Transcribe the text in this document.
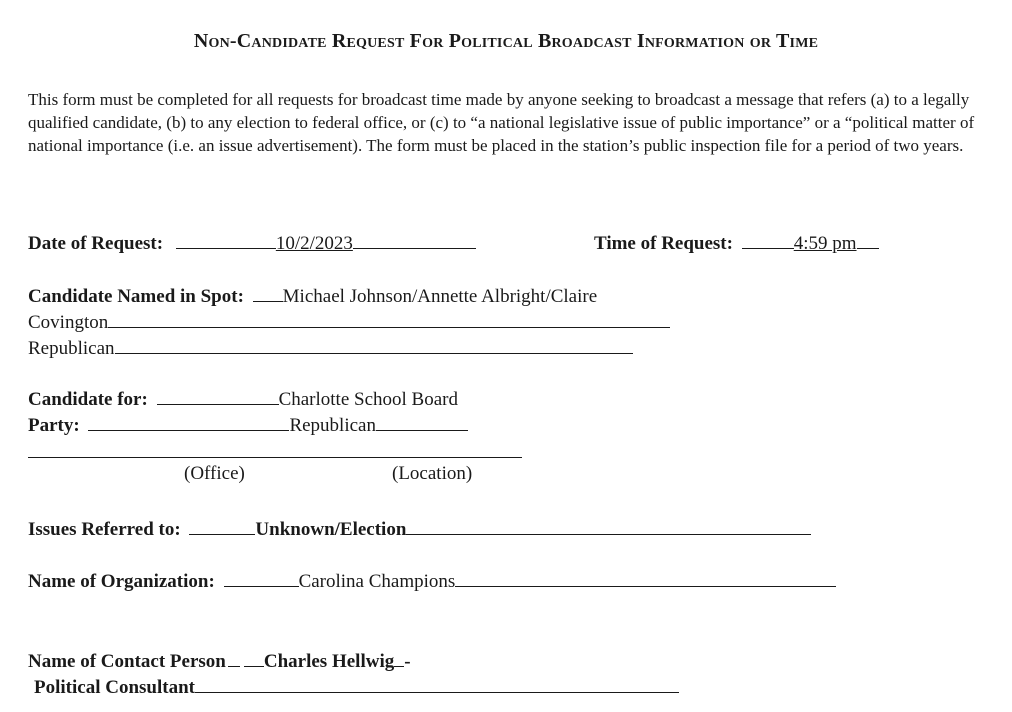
Non-Candidate Request For Political Broadcast Information or Time

This form must be completed for all requests for broadcast time made by anyone seeking to broadcast a message that refers (a) to a legally qualified candidate, (b) to any election to federal office, or (c) to “a national legislative issue of public importance” or a “political matter of national importance (i.e. an issue advertisement). The form must be placed in the station’s public inspection file for a period of two years.

Date of Request:	10/2/2023	Time of Request:	4:59 pm
Candidate Named in Spot: Michael Johnson/Annette Albright/Claire
Covington
Republican
Candidate for:	Charlotte School Board
Party:	Republican
(Office)	(Location)
Issues Referred to:	Unknown/Election
Name of Organization:	Carolina Champions
Name of Contact Person Charles Hellwig -
Political Consultant
